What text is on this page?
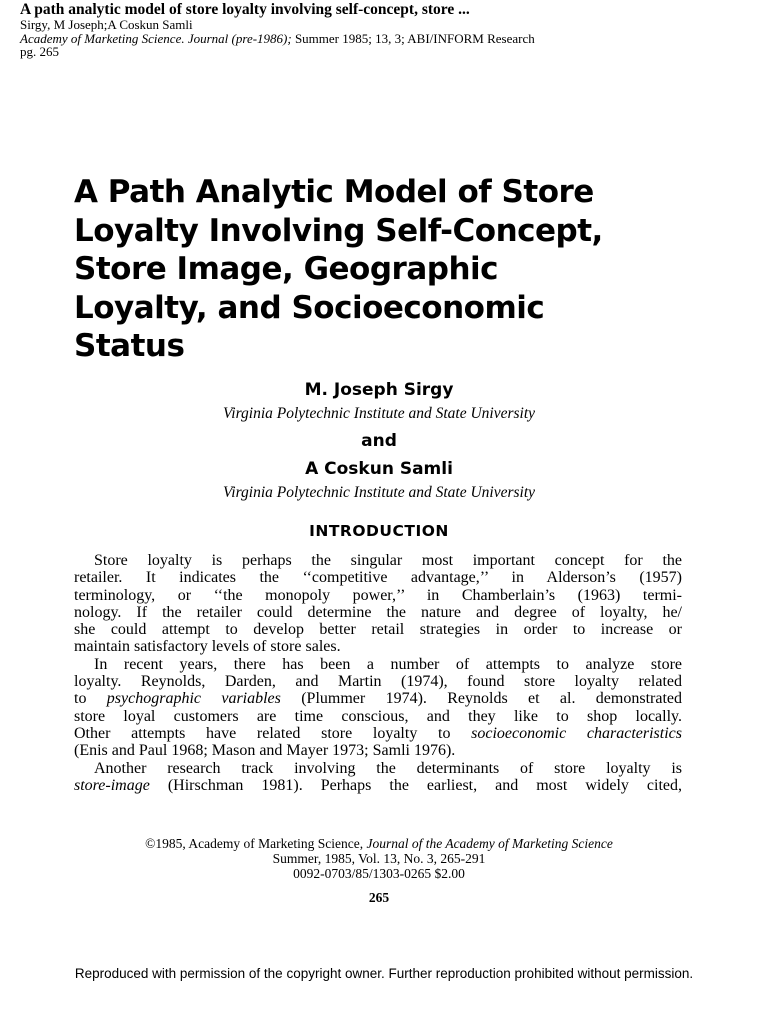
A path analytic model of store loyalty involving self-concept, store ...
Sirgy, M Joseph;A Coskun Samli
Academy of Marketing Science. Journal (pre-1986); Summer 1985; 13, 3; ABI/INFORM Research
pg. 265
A Path Analytic Model of Store
Loyalty Involving Self-Concept,
Store Image, Geographic
Loyalty, and Socioeconomic
Status
M. Joseph Sirgy
Virginia Polytechnic Institute and State University
and
A Coskun Samli
Virginia Polytechnic Institute and State University
INTRODUCTION
Store loyalty is perhaps the singular most important concept for the
retailer. It indicates the ‘‘competitive advantage,’’ in Alderson’s (1957)
terminology, or ‘‘the monopoly power,’’ in Chamberlain’s (1963) termi-
nology. If the retailer could determine the nature and degree of loyalty, he/
she could attempt to develop better retail strategies in order to increase or
maintain satisfactory levels of store sales.
In recent years, there has been a number of attempts to analyze store
loyalty. Reynolds, Darden, and Martin (1974), found store loyalty related
to psychographic variables (Plummer 1974). Reynolds et al. demonstrated
store loyal customers are time conscious, and they like to shop locally.
Other attempts have related store loyalty to socioeconomic characteristics
(Enis and Paul 1968; Mason and Mayer 1973; Samli 1976).
Another research track involving the determinants of store loyalty is
store-image (Hirschman 1981). Perhaps the earliest, and most widely cited,
©1985, Academy of Marketing Science, Journal of the Academy of Marketing Science
Summer, 1985, Vol. 13, No. 3, 265-291
0092-0703/85/1303-0265 $2.00
265
Reproduced with permission of the copyright owner. Further reproduction prohibited without permission.
